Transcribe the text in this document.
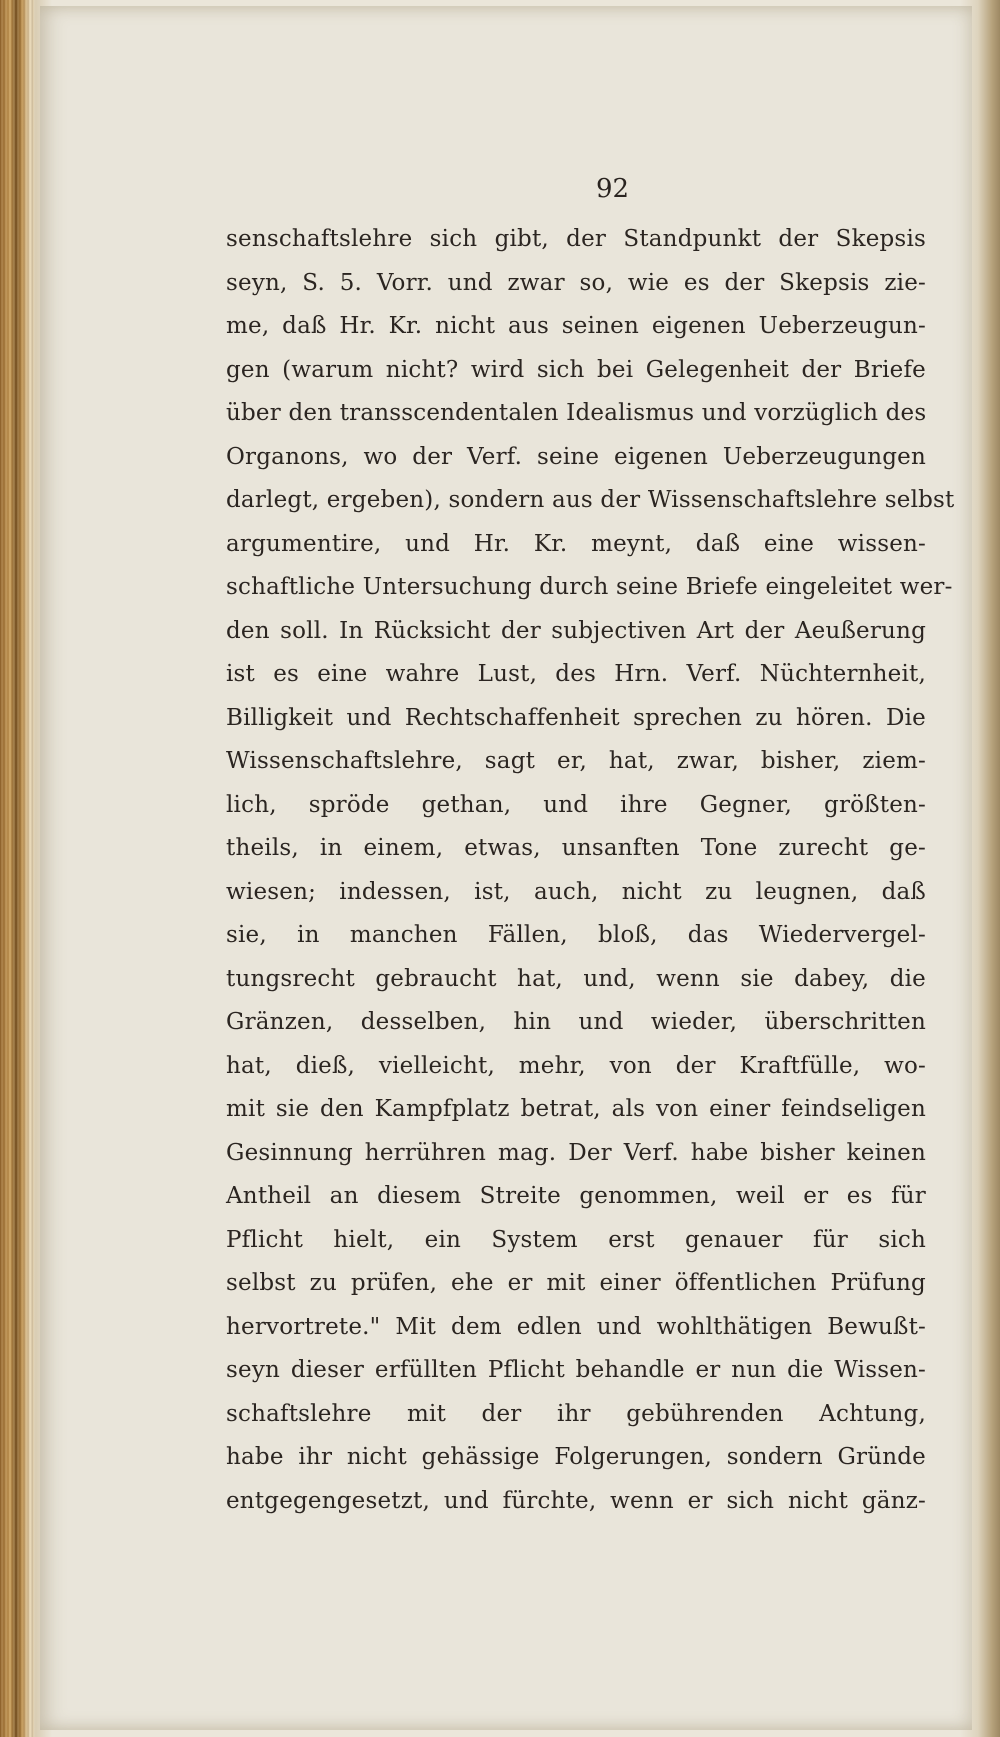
92
senschaftslehre sich gibt, der Standpunkt der Skepsis
seyn, S. 5. Vorr. und zwar so, wie es der Skepsis zie-
me, daß Hr. Kr. nicht aus seinen eigenen Ueberzeugun-
gen (warum nicht? wird sich bei Gelegenheit der Briefe
über den transscendentalen Idealismus und vorzüglich des
Organons, wo der Verf. seine eigenen Ueberzeugungen
darlegt, ergeben), sondern aus der Wissenschaftslehre selbst
argumentire, und Hr. Kr. meynt, daß eine wissen-
schaftliche Untersuchung durch seine Briefe eingeleitet wer-
den soll. In Rücksicht der subjectiven Art der Aeußerung
ist es eine wahre Lust, des Hrn. Verf. Nüchternheit,
Billigkeit und Rechtschaffenheit sprechen zu hören. Die
Wissenschaftslehre, sagt er, hat, zwar, bisher, ziem-
lich, spröde gethan, und ihre Gegner, größten-
theils, in einem, etwas, unsanften Tone zurecht ge-
wiesen; indessen, ist, auch, nicht zu leugnen, daß
sie, in manchen Fällen, bloß, das Wiedervergel-
tungsrecht gebraucht hat, und, wenn sie dabey, die
Gränzen, desselben, hin und wieder, überschritten
hat, dieß, vielleicht, mehr, von der Kraftfülle, wo-
mit sie den Kampfplatz betrat, als von einer feindseligen
Gesinnung herrühren mag. Der Verf. habe bisher keinen
Antheil an diesem Streite genommen, weil er es für
Pflicht hielt, ein System erst genauer für sich
selbst zu prüfen, ehe er mit einer öffentlichen Prüfung
hervortrete." Mit dem edlen und wohlthätigen Bewußt-
seyn dieser erfüllten Pflicht behandle er nun die Wissen-
schaftslehre mit der ihr gebührenden Achtung,
habe ihr nicht gehässige Folgerungen, sondern Gründe
entgegengesetzt, und fürchte, wenn er sich nicht gänz-
